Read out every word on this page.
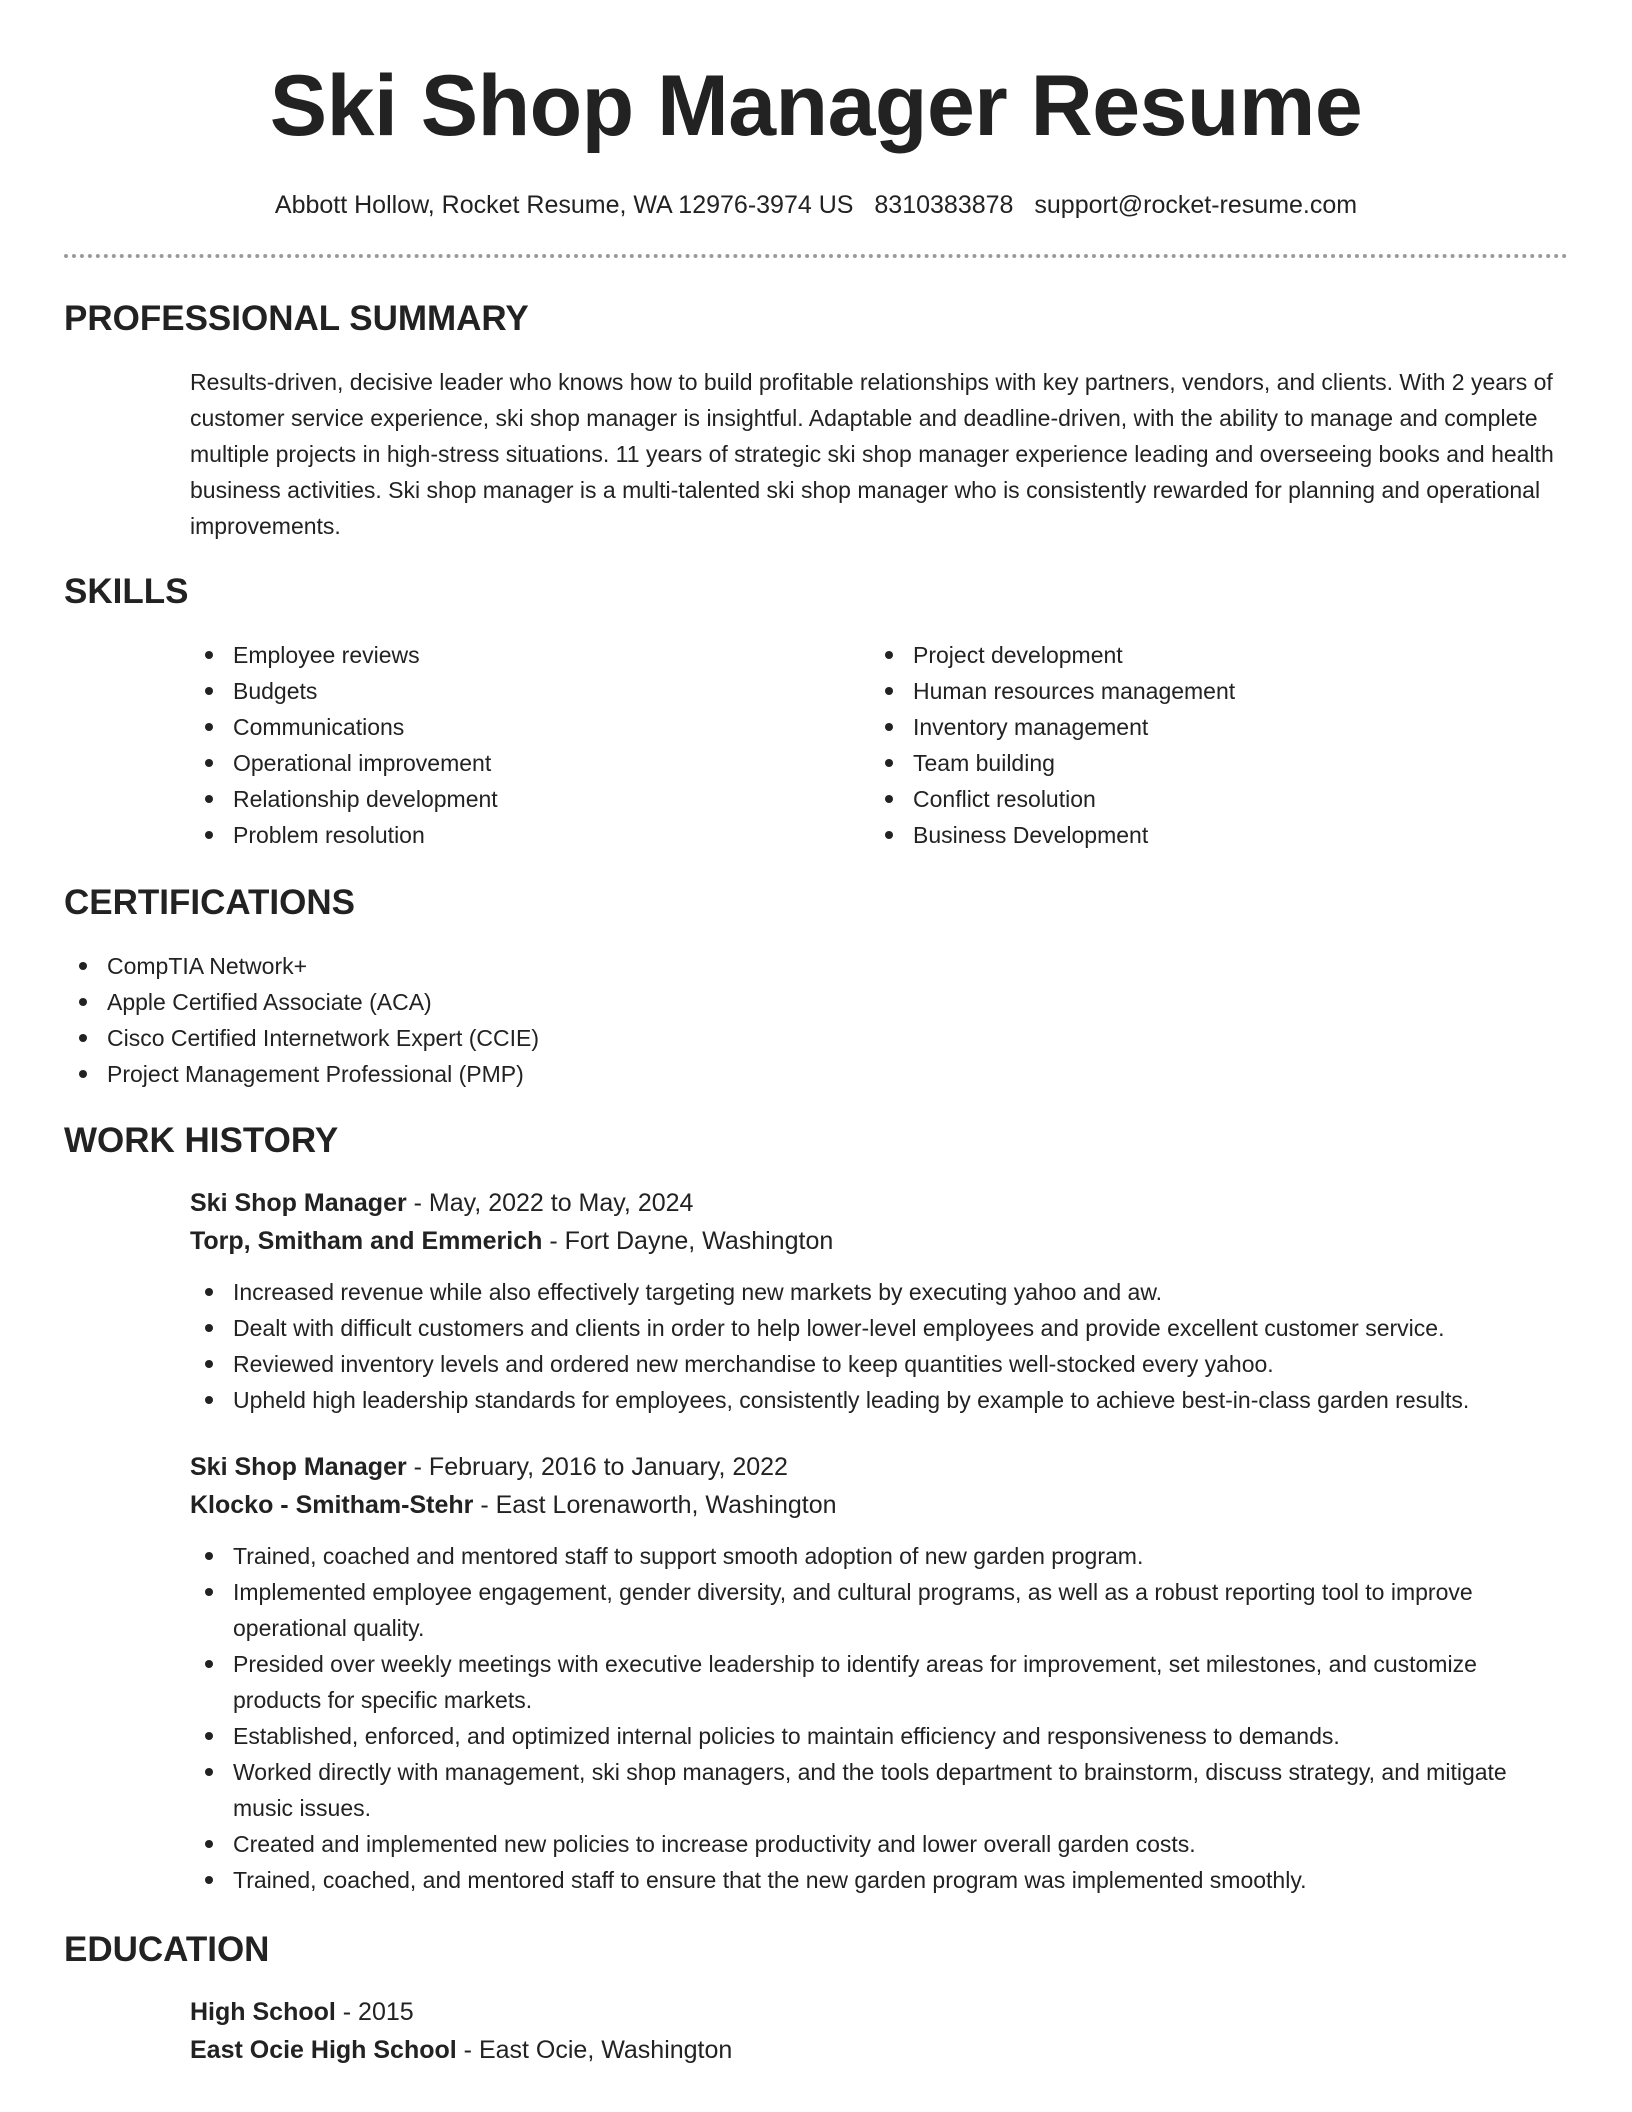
Ski Shop Manager Resume
Abbott Hollow, Rocket Resume, WA 12976-3974 US 8310383878 support@rocket-resume.com
PROFESSIONAL SUMMARY
Results-driven, decisive leader who knows how to build profitable relationships with key partners, vendors, and clients. With 2 years of customer service experience, ski shop manager is insightful. Adaptable and deadline-driven, with the ability to manage and complete multiple projects in high-stress situations. 11 years of strategic ski shop manager experience leading and overseeing books and health business activities. Ski shop manager is a multi-talented ski shop manager who is consistently rewarded for planning and operational improvements.
SKILLS
Employee reviews
Budgets
Communications
Operational improvement
Relationship development
Problem resolution
Project development
Human resources management
Inventory management
Team building
Conflict resolution
Business Development
CERTIFICATIONS
CompTIA Network+
Apple Certified Associate (ACA)
Cisco Certified Internetwork Expert (CCIE)
Project Management Professional (PMP)
WORK HISTORY
Ski Shop Manager - May, 2022 to May, 2024
Torp, Smitham and Emmerich - Fort Dayne, Washington
Increased revenue while also effectively targeting new markets by executing yahoo and aw.
Dealt with difficult customers and clients in order to help lower-level employees and provide excellent customer service.
Reviewed inventory levels and ordered new merchandise to keep quantities well-stocked every yahoo.
Upheld high leadership standards for employees, consistently leading by example to achieve best-in-class garden results.
Ski Shop Manager - February, 2016 to January, 2022
Klocko - Smitham-Stehr - East Lorenaworth, Washington
Trained, coached and mentored staff to support smooth adoption of new garden program.
Implemented employee engagement, gender diversity, and cultural programs, as well as a robust reporting tool to improve operational quality.
Presided over weekly meetings with executive leadership to identify areas for improvement, set milestones, and customize products for specific markets.
Established, enforced, and optimized internal policies to maintain efficiency and responsiveness to demands.
Worked directly with management, ski shop managers, and the tools department to brainstorm, discuss strategy, and mitigate music issues.
Created and implemented new policies to increase productivity and lower overall garden costs.
Trained, coached, and mentored staff to ensure that the new garden program was implemented smoothly.
EDUCATION
High School - 2015
East Ocie High School - East Ocie, Washington
